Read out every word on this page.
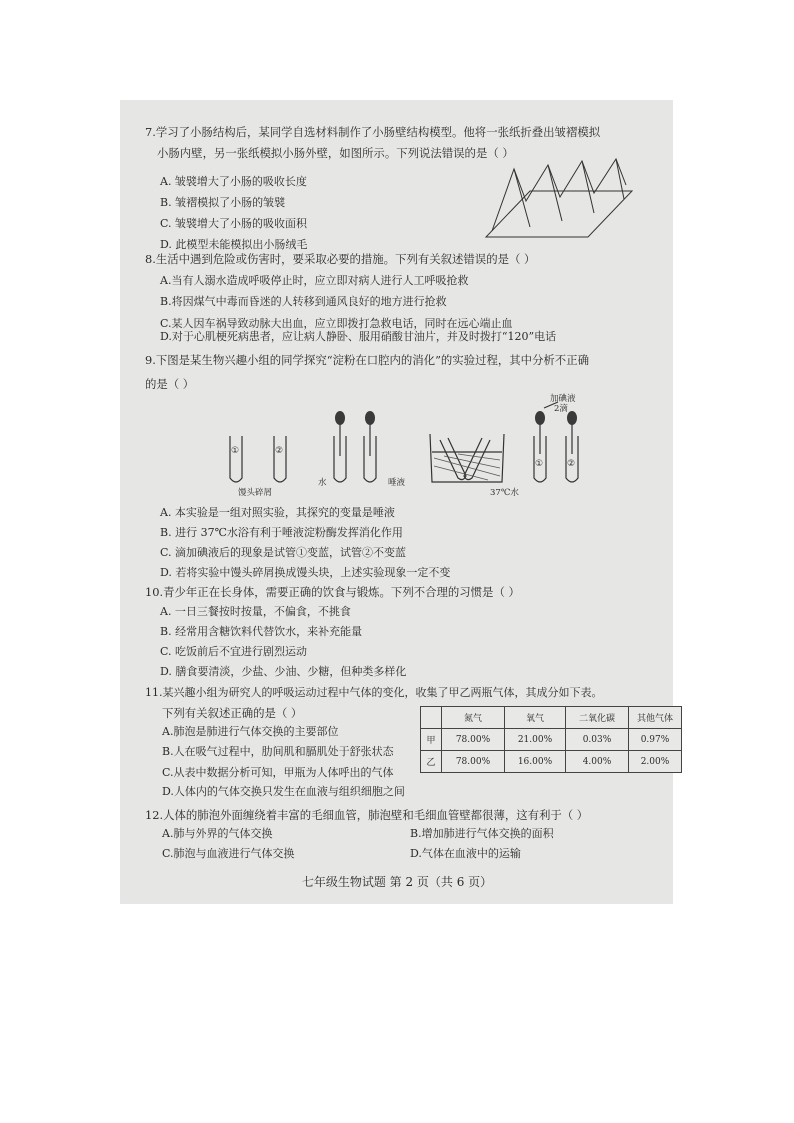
7.学习了小肠结构后，某同学自选材料制作了小肠壁结构模型。他将一张纸折叠出皱褶模拟
小肠内壁，另一张纸模拟小肠外壁，如图所示。下列说法错误的是（ ）
A. 皱襞增大了小肠的吸收长度
B. 皱褶模拟了小肠的皱襞
C. 皱襞增大了小肠的吸收面积
D. 此模型未能模拟出小肠绒毛
8.生活中遇到危险或伤害时，要采取必要的措施。下列有关叙述错误的是（ ）
A.当有人溺水造成呼吸停止时，应立即对病人进行人工呼吸抢救
B.将因煤气中毒而昏迷的人转移到通风良好的地方进行抢救
C.某人因车祸导致动脉大出血，应立即拨打急救电话，同时在远心端止血
D.对于心肌梗死病患者，应让病人静卧、服用硝酸甘油片，并及时拨打“120”电话
9.下图是某生物兴趣小组的同学探究“淀粉在口腔内的消化”的实验过程，其中分析不正确
的是（ ）
①	②
①	②
馒头碎屑
水	唾液
37℃水
加碘液
2滴
A. 本实验是一组对照实验，其探究的变量是唾液
B. 进行 37℃水浴有利于唾液淀粉酶发挥消化作用
C. 滴加碘液后的现象是试管①变蓝，试管②不变蓝
D. 若将实验中馒头碎屑换成馒头块，上述实验现象一定不变
10.青少年正在长身体，需要正确的饮食与锻炼。下列不合理的习惯是（ ）
A. 一日三餐按时按量，不偏食，不挑食
B. 经常用含糖饮料代替饮水，来补充能量
C. 吃饭前后不宜进行剧烈运动
D. 膳食要清淡，少盐、少油、少糖，但种类多样化
11.某兴趣小组为研究人的呼吸运动过程中气体的变化，收集了甲乙两瓶气体，其成分如下表。
下列有关叙述正确的是（ ）
A.肺泡是肺进行气体交换的主要部位
B.人在吸气过程中，肋间肌和膈肌处于舒张状态
C.从表中数据分析可知，甲瓶为人体呼出的气体
D.人体内的气体交换只发生在血液与组织细胞之间
	氮气	氧气	二氧化碳	其他气体
甲	78.00%	21.00%	0.03%	0.97%
乙	78.00%	16.00%	4.00%	2.00%
12.人体的肺泡外面缠绕着丰富的毛细血管，肺泡壁和毛细血管壁都很薄，这有利于（ ）
A.肺与外界的气体交换	B.增加肺进行气体交换的面积
C.肺泡与血液进行气体交换	D.气体在血液中的运输
七年级生物试题 第 2 页（共 6 页）
